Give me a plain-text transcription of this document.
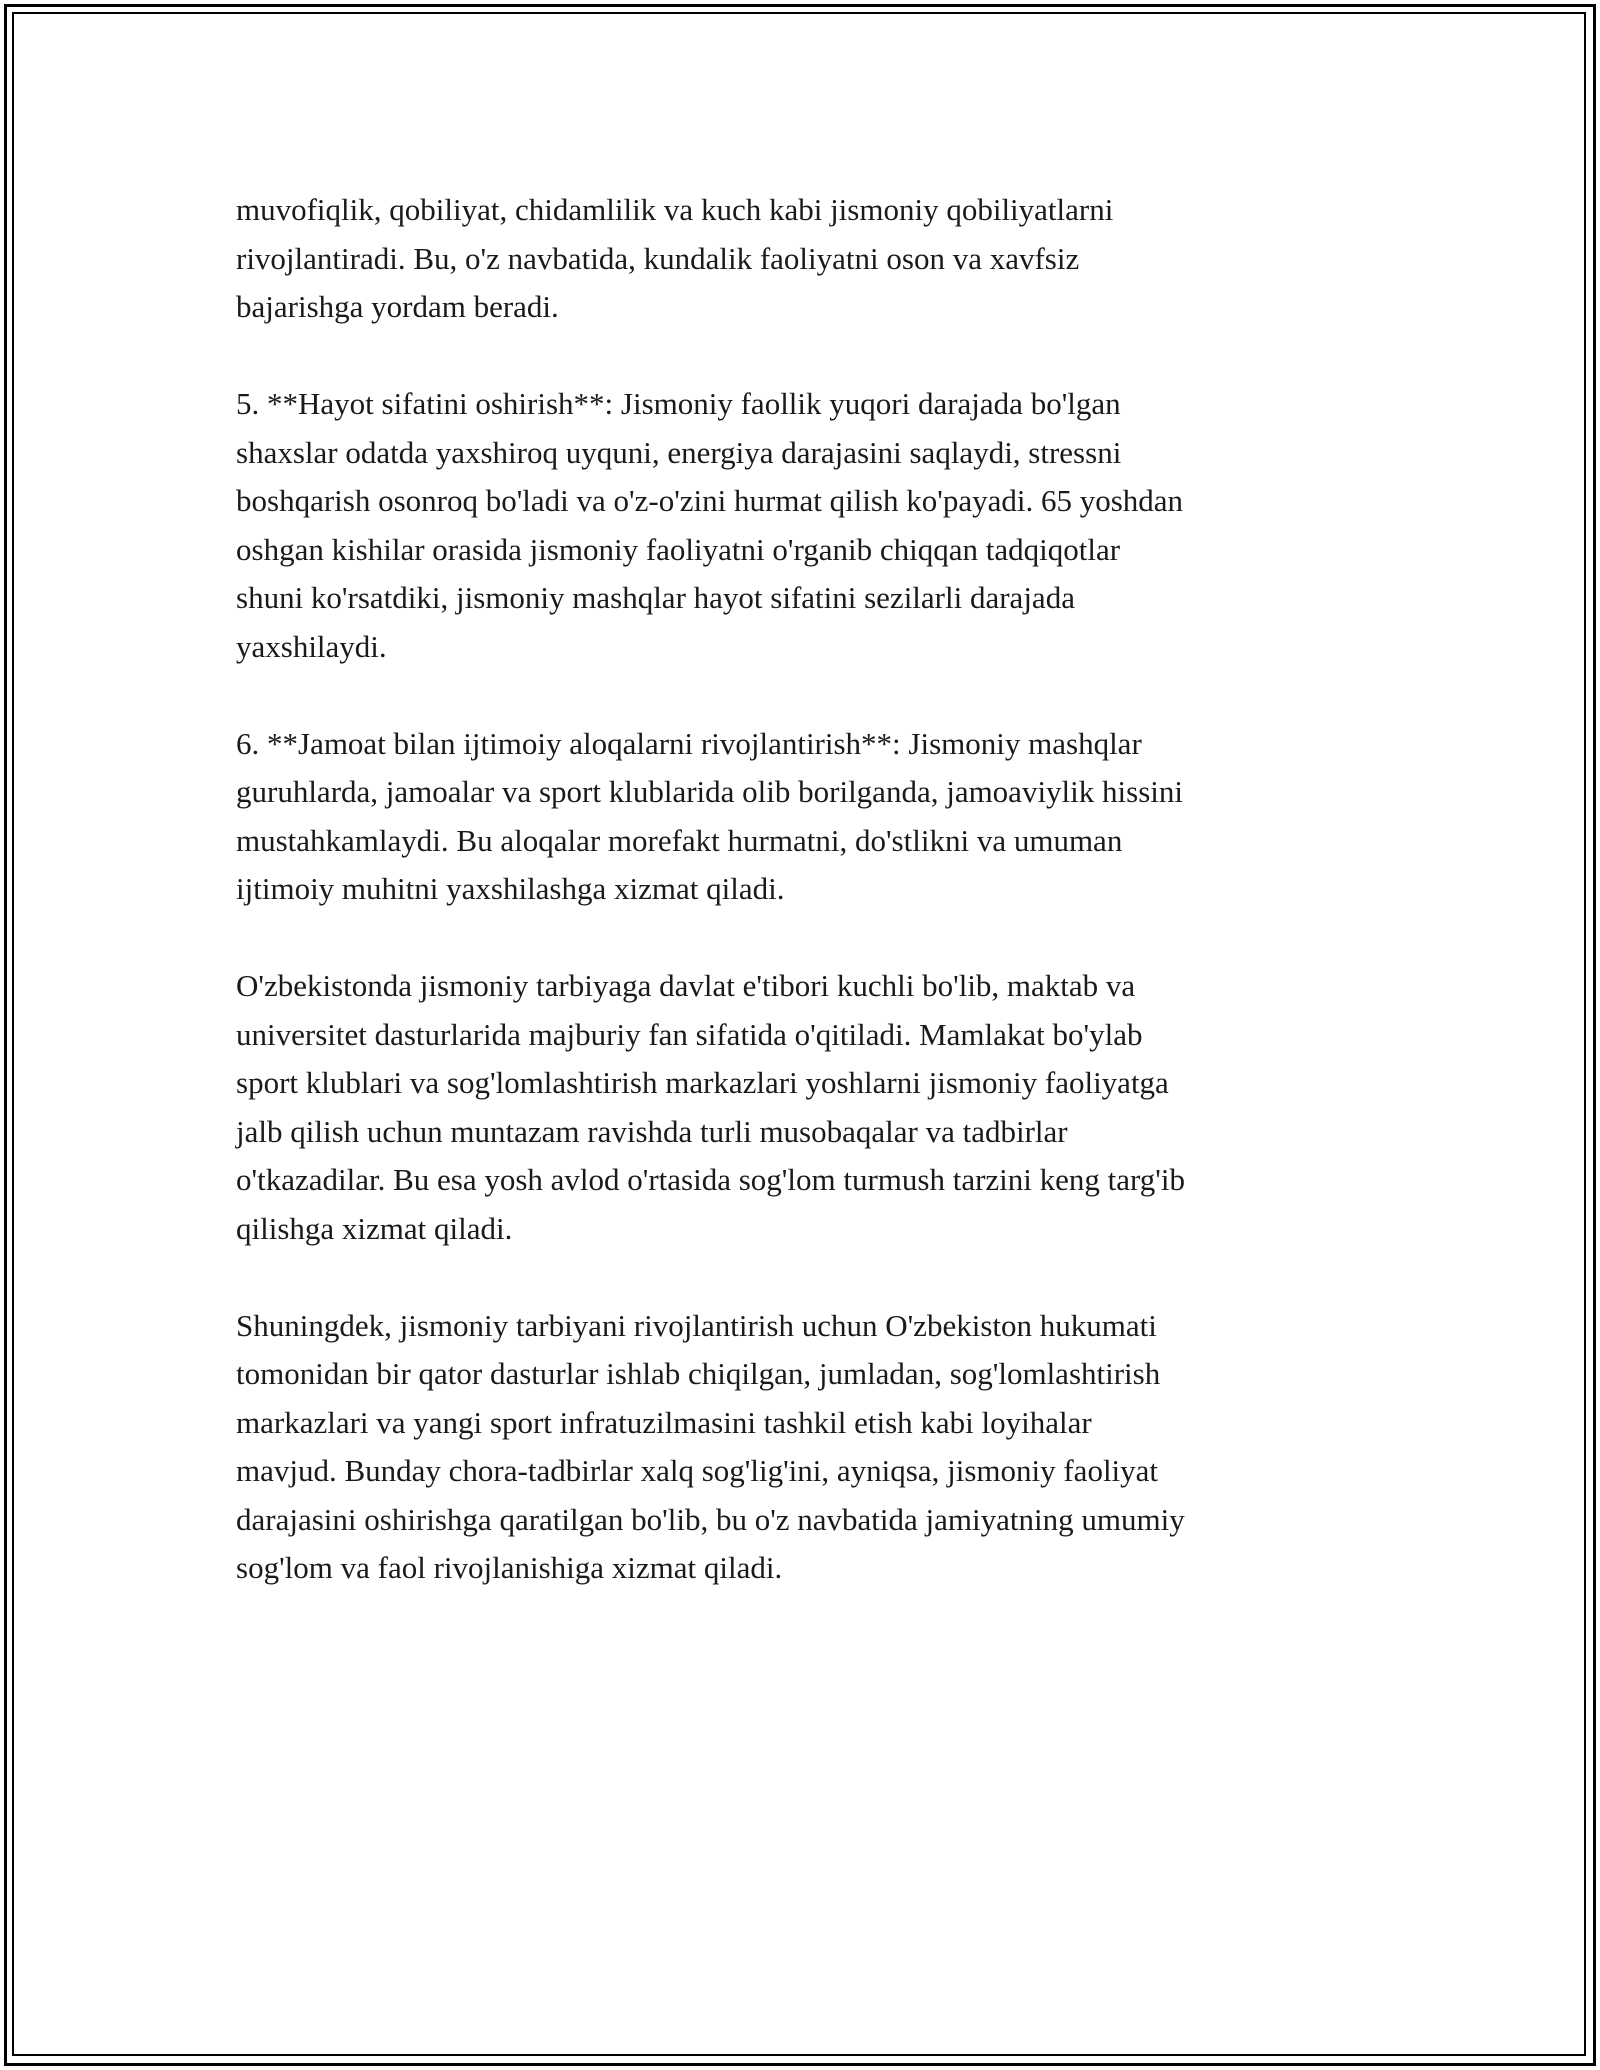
muvofiqlik, qobiliyat, chidamlilik va kuch kabi jismoniy qobiliyatlarni
rivojlantiradi. Bu, o'z navbatida, kundalik faoliyatni oson va xavfsiz
bajarishga yordam beradi.

5. **Hayot sifatini oshirish**: Jismoniy faollik yuqori darajada bo'lgan
shaxslar odatda yaxshiroq uyquni, energiya darajasini saqlaydi, stressni
boshqarish osonroq bo'ladi va o'z-o'zini hurmat qilish ko'payadi. 65 yoshdan
oshgan kishilar orasida jismoniy faoliyatni o'rganib chiqqan tadqiqotlar
shuni ko'rsatdiki, jismoniy mashqlar hayot sifatini sezilarli darajada
yaxshilaydi.

6. **Jamoat bilan ijtimoiy aloqalarni rivojlantirish**: Jismoniy mashqlar
guruhlarda, jamoalar va sport klublarida olib borilganda, jamoaviylik hissini
mustahkamlaydi. Bu aloqalar morefakt hurmatni, do'stlikni va umuman
ijtimoiy muhitni yaxshilashga xizmat qiladi.

O'zbekistonda jismoniy tarbiyaga davlat e'tibori kuchli bo'lib, maktab va
universitet dasturlarida majburiy fan sifatida o'qitiladi. Mamlakat bo'ylab
sport klublari va sog'lomlashtirish markazlari yoshlarni jismoniy faoliyatga
jalb qilish uchun muntazam ravishda turli musobaqalar va tadbirlar
o'tkazadilar. Bu esa yosh avlod o'rtasida sog'lom turmush tarzini keng targ'ib
qilishga xizmat qiladi.

Shuningdek, jismoniy tarbiyani rivojlantirish uchun O'zbekiston hukumati
tomonidan bir qator dasturlar ishlab chiqilgan, jumladan, sog'lomlashtirish
markazlari va yangi sport infratuzilmasini tashkil etish kabi loyihalar
mavjud. Bunday chora-tadbirlar xalq sog'lig'ini, ayniqsa, jismoniy faoliyat
darajasini oshirishga qaratilgan bo'lib, bu o'z navbatida jamiyatning umumiy
sog'lom va faol rivojlanishiga xizmat qiladi.
